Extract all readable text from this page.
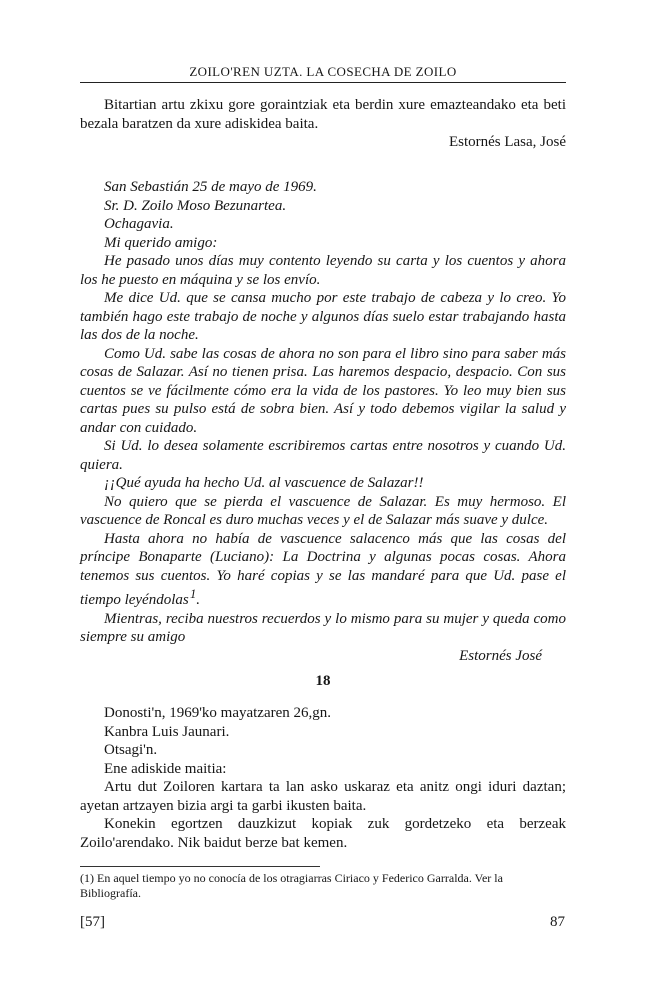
ZOILO'REN UZTA. LA COSECHA DE ZOILO

Bitartian artu zkixu gore goraintziak eta berdin xure emazteandako eta beti bezala baratzen da xure adiskidea baita.

Estornés Lasa, José

San Sebastián 25 de mayo de 1969.

Sr. D. Zoilo Moso Bezunartea.

Ochagavia.

Mi querido amigo:

He pasado unos días muy contento leyendo su carta y los cuentos y ahora los he puesto en máquina y se los envío.

Me dice Ud. que se cansa mucho por este trabajo de cabeza y lo creo. Yo también hago este trabajo de noche y algunos días suelo estar trabajando hasta las dos de la noche.

Como Ud. sabe las cosas de ahora no son para el libro sino para saber más cosas de Salazar. Así no tienen prisa. Las haremos despacio, despacio. Con sus cuentos se ve fácilmente cómo era la vida de los pastores. Yo leo muy bien sus cartas pues su pulso está de sobra bien. Así y todo debemos vigilar la salud y andar con cuidado.

Si Ud. lo desea solamente escribiremos cartas entre nosotros y cuando Ud. quiera.

¡¡Qué ayuda ha hecho Ud. al vascuence de Salazar!!

No quiero que se pierda el vascuence de Salazar. Es muy hermoso. El vascuence de Roncal es duro muchas veces y el de Salazar más suave y dulce.

Hasta ahora no había de vascuence salacenco más que las cosas del príncipe Bonaparte (Luciano): La Doctrina y algunas pocas cosas. Ahora tenemos sus cuentos. Yo haré copias y se las mandaré para que Ud. pase el tiempo leyéndolas $^1$.

Mientras, reciba nuestros recuerdos y lo mismo para su mujer y queda como siempre su amigo

Estornés José

18

Donosti'n, 1969'ko mayatzaren 26,gn.

Kanbra Luis Jaunari.

Otsagi'n.

Ene adiskide maitia:

Artu dut Zoiloren kartara ta lan asko uskaraz eta anitz ongi iduri daztan; ayetan artzayen bizia argi ta garbi ikusten baita.

Konekin egortzen dauzkizut kopiak zuk gordetzeko eta berzeak Zoilo'arendako. Nik baidut berze bat kemen.

(1) En aquel tiempo yo no conocía de los otragiarras Ciriaco y Federico Garralda. Ver la Bibliografía.
[57]	87
